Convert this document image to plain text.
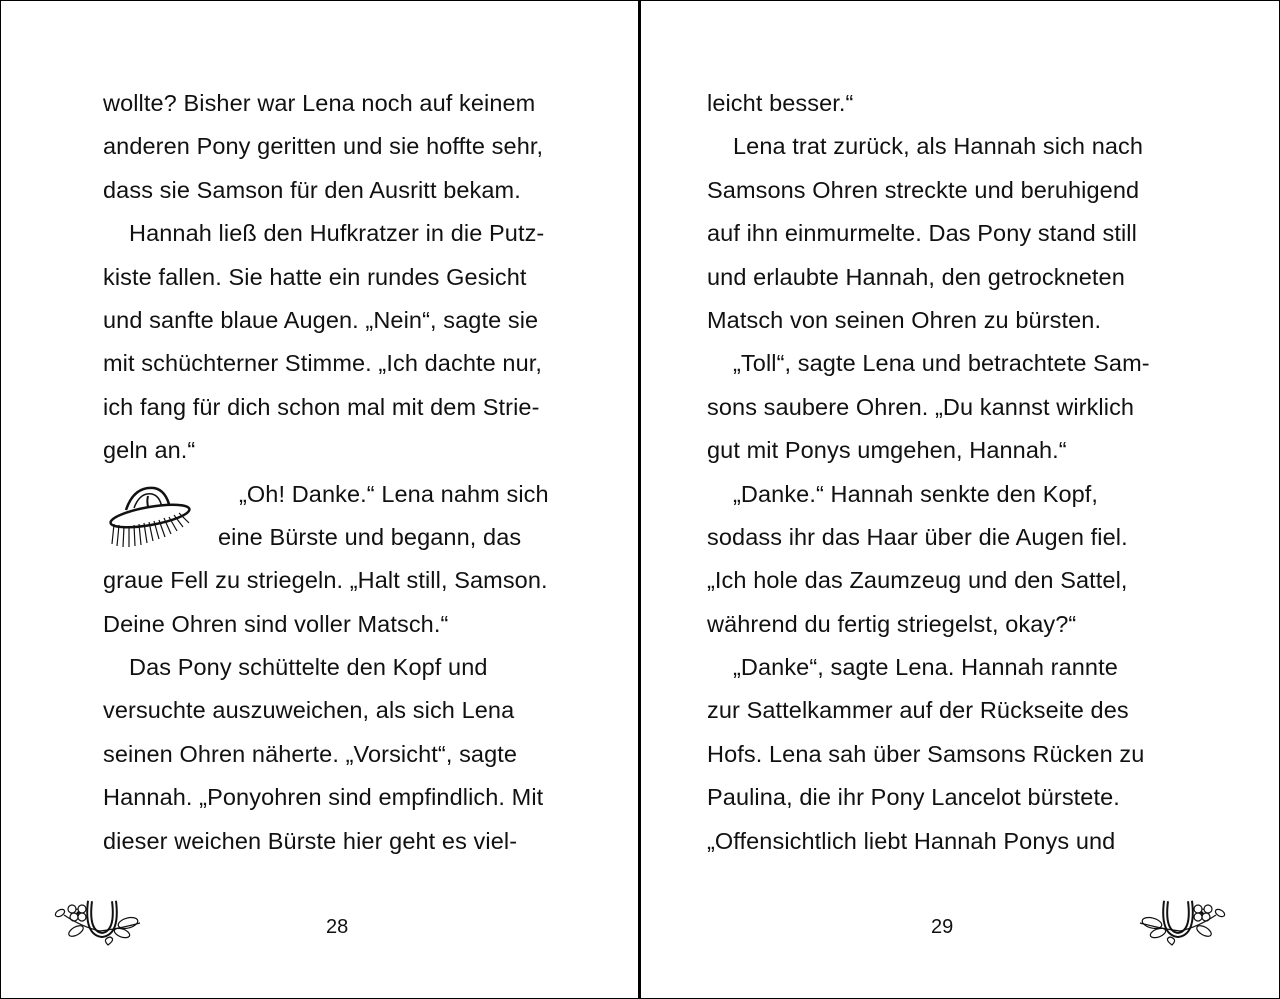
wollte? Bisher war Lena noch auf keinem
anderen Pony geritten und sie hoffte sehr,
dass sie Samson für den Ausritt bekam.
Hannah ließ den Hufkratzer in die Putz-
kiste fallen. Sie hatte ein rundes Gesicht
und sanfte blaue Augen. „Nein“, sagte sie
mit schüchterner Stimme. „Ich dachte nur,
ich fang für dich schon mal mit dem Strie-
geln an.“
„Oh! Danke.“ Lena nahm sich
eine Bürste und begann, das
graue Fell zu striegeln. „Halt still, Samson.
Deine Ohren sind voller Matsch.“
Das Pony schüttelte den Kopf und
versuchte auszuweichen, als sich Lena
seinen Ohren näherte. „Vorsicht“, sagte
Hannah. „Ponyohren sind empfindlich. Mit
dieser weichen Bürste hier geht es viel-
28
leicht besser.“
Lena trat zurück, als Hannah sich nach
Samsons Ohren streckte und beruhigend
auf ihn einmurmelte. Das Pony stand still
und erlaubte Hannah, den getrockneten
Matsch von seinen Ohren zu bürsten.
„Toll“, sagte Lena und betrachtete Sam-
sons saubere Ohren. „Du kannst wirklich
gut mit Ponys umgehen, Hannah.“
„Danke.“ Hannah senkte den Kopf,
sodass ihr das Haar über die Augen fiel.
„Ich hole das Zaumzeug und den Sattel,
während du fertig striegelst, okay?“
„Danke“, sagte Lena. Hannah rannte
zur Sattelkammer auf der Rückseite des
Hofs. Lena sah über Samsons Rücken zu
Paulina, die ihr Pony Lancelot bürstete.
„Offensichtlich liebt Hannah Ponys und
29
